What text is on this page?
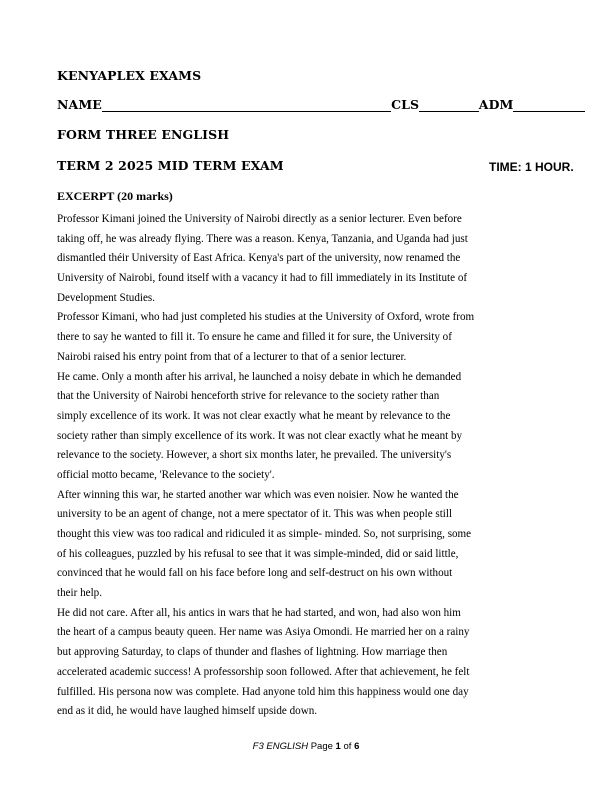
KENYAPLEX EXAMS
NAME	CLS	ADM
FORM THREE ENGLISH
TERM 2 2025 MID TERM EXAM	TIME: 1 HOUR.
EXCERPT (20 marks)
Professor Kimani joined the University of Nairobi directly as a senior lecturer. Even before
taking off, he was already flying. There was a reason. Kenya, Tanzania, and Uganda had just
dismantled théir University of East Africa. Kenya's part of the university, now renamed the
University of Nairobi, found itself with a vacancy it had to fill immediately in its Institute of
Development Studies.
Professor Kimani, who had just completed his studies at the University of Oxford, wrote from
there to say he wanted to fill it. To ensure he came and filled it for sure, the University of
Nairobi raised his entry point from that of a lecturer to that of a senior lecturer.
He came. Only a month after his arrival, he launched a noisy debate in which he demanded
that the University of Nairobi henceforth strive for relevance to the society rather than
simply excellence of its work. It was not clear exactly what he meant by relevance to the
society rather than simply excellence of its work. It was not clear exactly what he meant by
relevance to the society. However, a short six months later, he prevailed. The university's
official motto became, 'Relevance to the society'.
After winning this war, he started another war which was even noisier. Now he wanted the
university to be an agent of change, not a mere spectator of it. This was when people still
thought this view was too radical and ridiculed it as simple- minded. So, not surprising, some
of his colleagues, puzzled by his refusal to see that it was simple-minded, did or said little,
convinced that he would fall on his face before long and self-destruct on his own without
their help.
He did not care. After all, his antics in wars that he had started, and won, had also won him
the heart of a campus beauty queen. Her name was Asiya Omondi. He married her on a rainy
but approving Saturday, to claps of thunder and flashes of lightning. How marriage then
accelerated academic success! A professorship soon followed. After that achievement, he felt
fulfilled. His persona now was complete. Had anyone told him this happiness would one day
end as it did, he would have laughed himself upside down.
F3 ENGLISH Page 1 of 6
